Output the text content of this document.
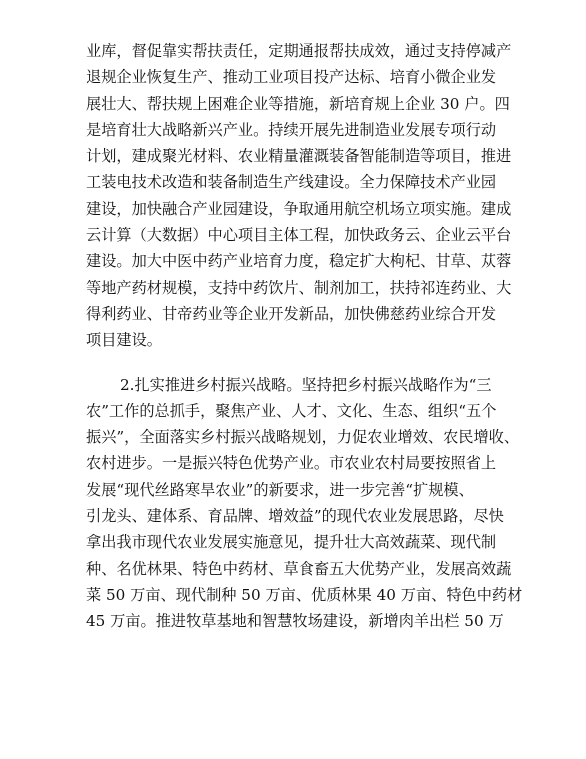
业库，督促靠实帮扶责任，定期通报帮扶成效，通过支持停减产
退规企业恢复生产、推动工业项目投产达标、培育小微企业发
展壮大、帮扶规上困难企业等措施，新培育规上企业 30 户。四
是培育壮大战略新兴产业。持续开展先进制造业发展专项行动
计划，建成聚光材料、农业精量灌溉装备智能制造等项目，推进
工装电技术改造和装备制造生产线建设。全力保障技术产业园
建设，加快融合产业园建设，争取通用航空机场立项实施。建成
云计算（大数据）中心项目主体工程，加快政务云、企业云平台
建设。加大中医中药产业培育力度，稳定扩大枸杞、甘草、苁蓉
等地产药材规模，支持中药饮片、制剂加工，扶持祁连药业、大
得利药业、甘帝药业等企业开发新品，加快佛慈药业综合开发
项目建设。
2.扎实推进乡村振兴战略。坚持把乡村振兴战略作为“三
农”工作的总抓手，聚焦产业、人才、文化、生态、组织“五个
振兴”，全面落实乡村振兴战略规划，力促农业增效、农民增收、
农村进步。一是振兴特色优势产业。市农业农村局要按照省上
发展“现代丝路寒旱农业”的新要求，进一步完善“扩规模、
引龙头、建体系、育品牌、增效益”的现代农业发展思路，尽快
拿出我市现代农业发展实施意见，提升壮大高效蔬菜、现代制
种、名优林果、特色中药材、草食畜五大优势产业，发展高效蔬
菜 50 万亩、现代制种 50 万亩、优质林果 40 万亩、特色中药材
45 万亩。推进牧草基地和智慧牧场建设，新增肉羊出栏 50 万
